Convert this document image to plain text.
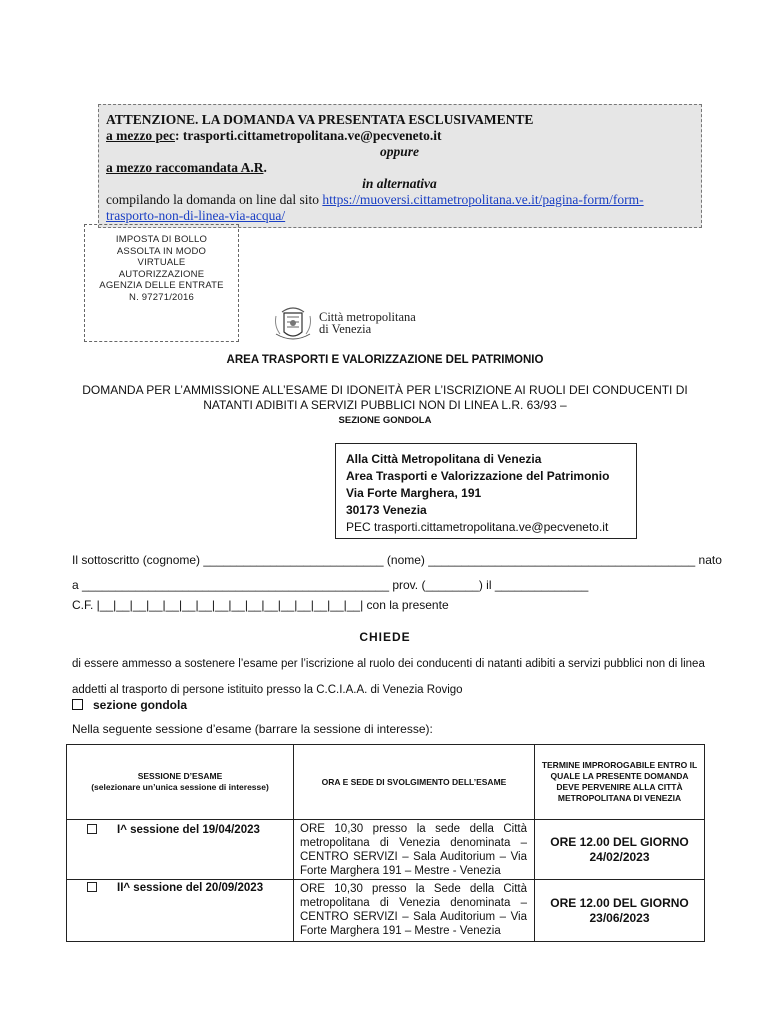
ATTENZIONE. LA DOMANDA VA PRESENTATA ESCLUSIVAMENTE
a mezzo pec: trasporti.cittametropolitana.ve@pecveneto.it
oppure
a mezzo raccomandata A.R.
in alternativa
compilando la domanda on line dal sito https://muoversi.cittametropolitana.ve.it/pagina-form/form-trasporto-non-di-linea-via-acqua/
IMPOSTA DI BOLLO
ASSOLTA IN MODO
VIRTUALE
AUTORIZZAZIONE
AGENZIA DELLE ENTRATE
N. 97271/2016
Città metropolitana
di Venezia
AREA TRASPORTI E VALORIZZAZIONE DEL PATRIMONIO
DOMANDA PER L’AMMISSIONE ALL’ESAME DI IDONEITÀ PER L’ISCRIZIONE AI RUOLI DEI CONDUCENTI DI NATANTI ADIBITI A SERVIZI PUBBLICI NON DI LINEA L.R. 63/93 –
SEZIONE GONDOLA
Alla Città Metropolitana di Venezia
Area Trasporti e Valorizzazione del Patrimonio
Via Forte Marghera, 191
30173 Venezia
PEC trasporti.cittametropolitana.ve@pecveneto.it
Il sottoscritto (cognome) ___________________________ (nome) ________________________________________ nato
a ______________________________________________ prov. (________) il ______________
C.F. |__|__|__|__|__|__|__|__|__|__|__|__|__|__|__|__| con la presente
CHIEDE
di essere ammesso a sostenere l’esame per l’iscrizione al ruolo dei conducenti di natanti adibiti a servizi pubblici non di linea addetti al trasporto di persone istituito presso la C.C.I.A.A. di Venezia Rovigo
sezione gondola
Nella seguente sessione d’esame (barrare la sessione di interesse):
SESSIONE D’ESAME
(selezionare un’unica sessione di interesse)	ORA E SEDE DI SVOLGIMENTO DELL’ESAME	TERMINE IMPROROGABILE ENTRO IL QUALE LA PRESENTE DOMANDA DEVE PERVENIRE ALLA CITTÀ METROPOLITANA DI VENEZIA
I^ sessione del 19/04/2023	ORE 10,30 presso la sede della Città metropolitana di Venezia denominata – CENTRO SERVIZI – Sala Auditorium – Via Forte Marghera 191 – Mestre - Venezia	ORE 12.00 DEL GIORNO
24/02/2023

II^ sessione del 20/09/2023	ORE 10,30 presso la Sede della Città metropolitana di Venezia denominata – CENTRO SERVIZI – Sala Auditorium – Via Forte Marghera 191 – Mestre - Venezia	ORE 12.00 DEL GIORNO
23/06/2023
